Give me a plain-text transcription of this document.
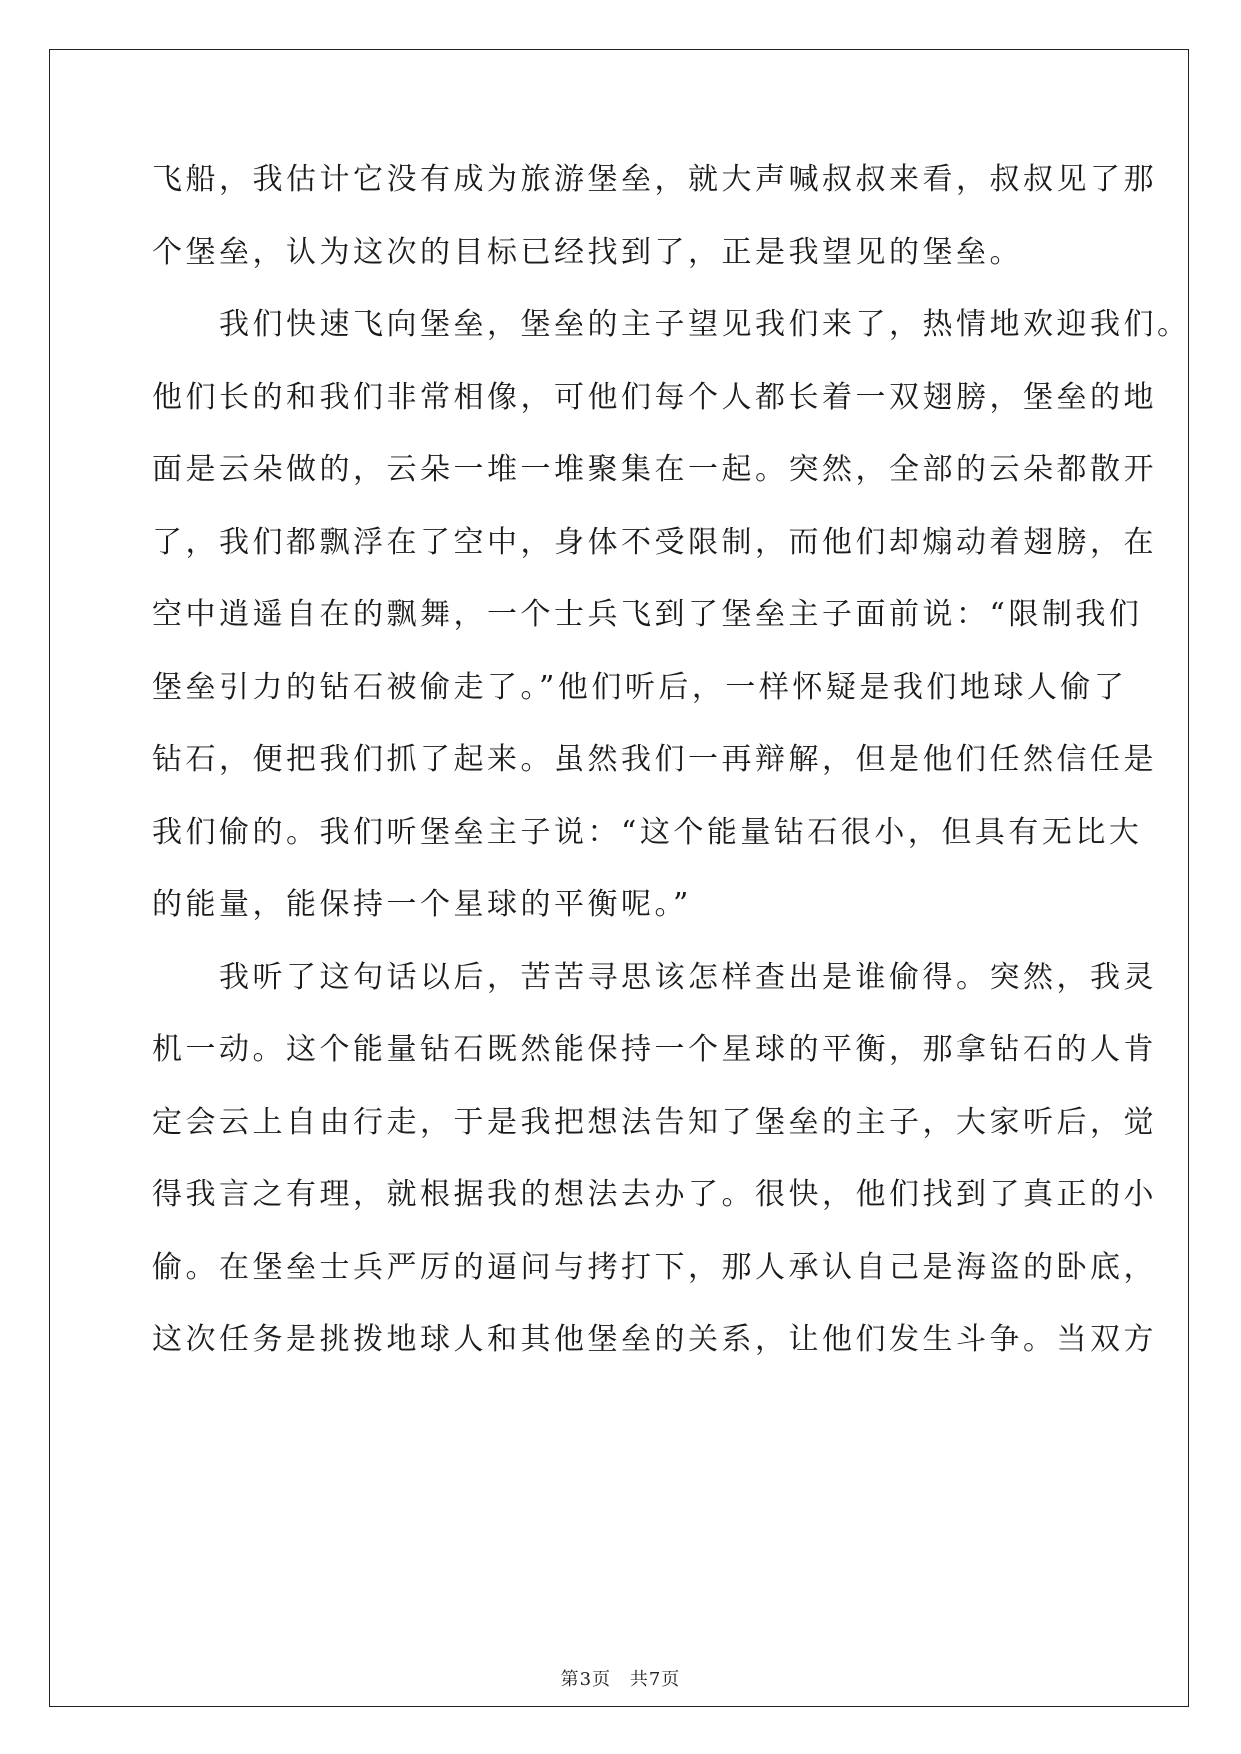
飞船，我估计它没有成为旅游堡垒，就大声喊叔叔来看，叔叔见了那
个堡垒，认为这次的目标已经找到了，正是我望见的堡垒。
　　我们快速飞向堡垒，堡垒的主子望见我们来了，热情地欢迎我们。
他们长的和我们非常相像，可他们每个人都长着一双翅膀，堡垒的地
面是云朵做的，云朵一堆一堆聚集在一起。突然，全部的云朵都散开
了，我们都飘浮在了空中，身体不受限制，而他们却煽动着翅膀，在
空中逍遥自在的飘舞，一个士兵飞到了堡垒主子面前说：“限制我们
堡垒引力的钻石被偷走了。”他们听后，一样怀疑是我们地球人偷了
钻石，便把我们抓了起来。虽然我们一再辩解，但是他们任然信任是
我们偷的。我们听堡垒主子说：“这个能量钻石很小，但具有无比大
的能量，能保持一个星球的平衡呢。”
　　我听了这句话以后，苦苦寻思该怎样查出是谁偷得。突然，我灵
机一动。这个能量钻石既然能保持一个星球的平衡，那拿钻石的人肯
定会云上自由行走，于是我把想法告知了堡垒的主子，大家听后，觉
得我言之有理，就根据我的想法去办了。很快，他们找到了真正的小
偷。在堡垒士兵严厉的逼问与拷打下，那人承认自己是海盗的卧底，
这次任务是挑拨地球人和其他堡垒的关系，让他们发生斗争。当双方
第3页 共7页
